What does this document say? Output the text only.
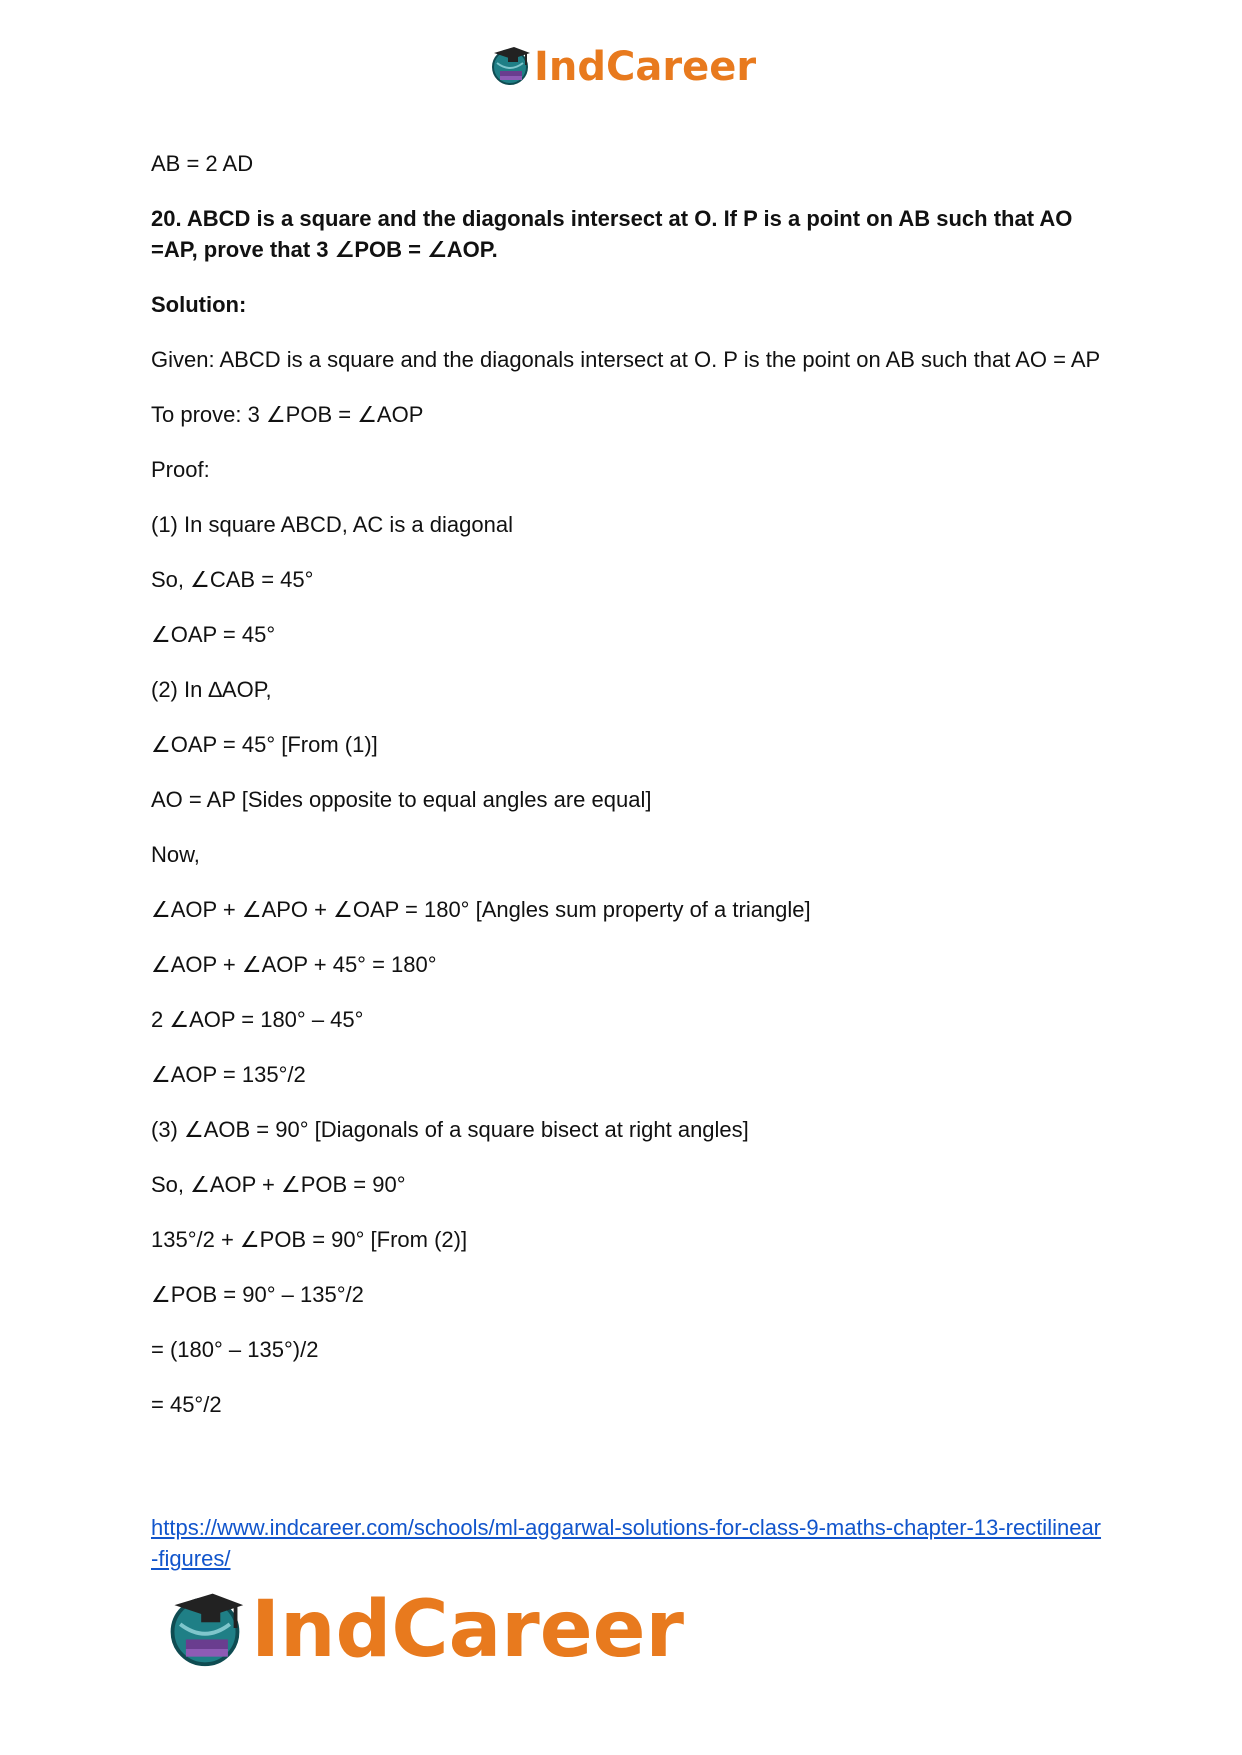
IndCareer

AB = 2 AD

20. ABCD is a square and the diagonals intersect at O. If P is a point on AB such that AO =AP, prove that 3 ∠POB = ∠AOP.

Solution:

Given: ABCD is a square and the diagonals intersect at O. P is the point on AB such that AO = AP

To prove: 3 ∠POB = ∠AOP

Proof:

(1) In square ABCD, AC is a diagonal

So, ∠CAB = 45°

∠OAP = 45°

(2) In ∆AOP,

∠OAP = 45° [From (1)]

AO = AP [Sides opposite to equal angles are equal]

Now,

∠AOP + ∠APO + ∠OAP = 180° [Angles sum property of a triangle]

∠AOP + ∠AOP + 45° = 180°

2 ∠AOP = 180° – 45°

∠AOP = 135°/2

(3) ∠AOB = 90° [Diagonals of a square bisect at right angles]

So, ∠AOP + ∠POB = 90°

135°/2 + ∠POB = 90° [From (2)]

∠POB = 90° – 135°/2

= (180° – 135°)/2

= 45°/2

https://www.indcareer.com/schools/ml-aggarwal-solutions-for-class-9-maths-chapter-13-rectilinear-figures/
IndCareer
